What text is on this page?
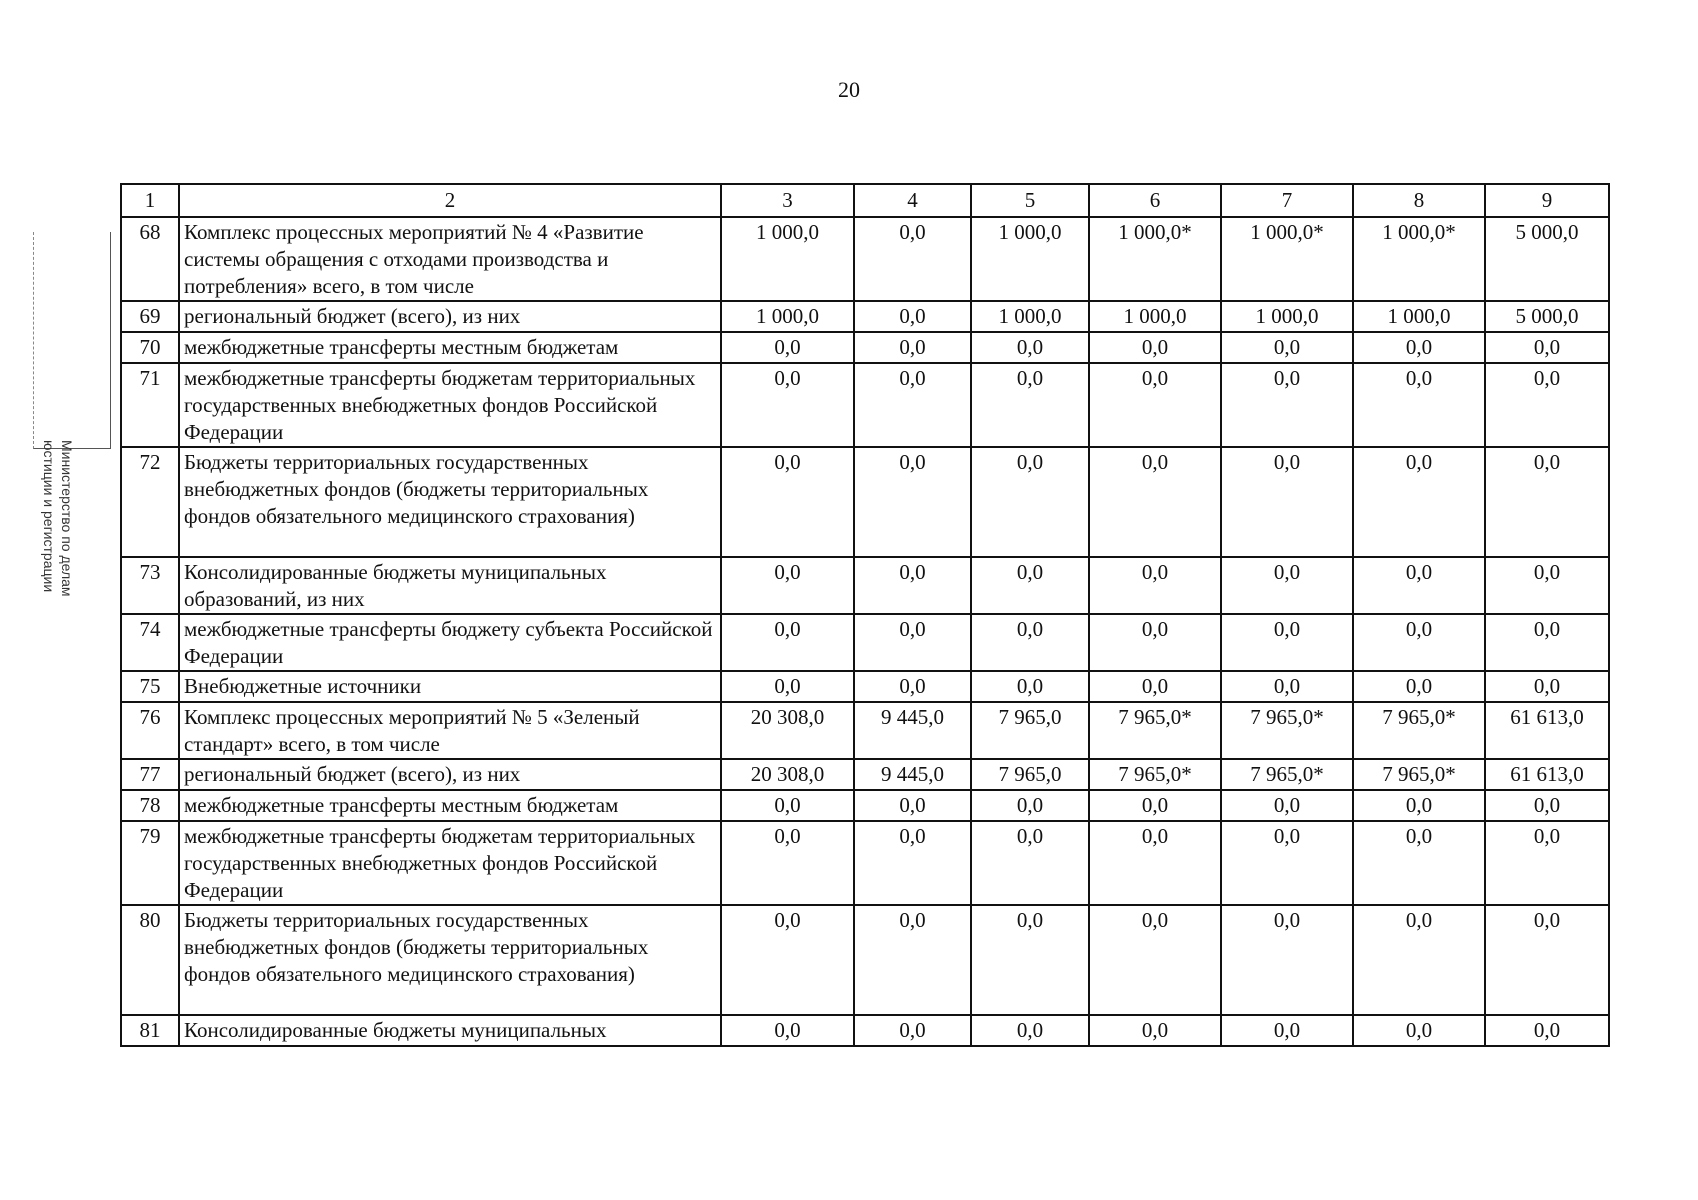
20
Министерство по делам
юстиции и регистрации
1	2	3	4	5	6	7	8	9
68	Комплекс процессных мероприятий № 4 «Развитие системы обращения с отходами производства и потребления» всего, в том числе	1 000,0	0,0	1 000,0	1 000,0*	1 000,0*	1 000,0*	5 000,0
69	региональный бюджет (всего), из них	1 000,0	0,0	1 000,0	1 000,0	1 000,0	1 000,0	5 000,0
70	межбюджетные трансферты местным бюджетам	0,0	0,0	0,0	0,0	0,0	0,0	0,0
71	межбюджетные трансферты бюджетам территориальных государственных внебюджетных фондов Российской Федерации	0,0	0,0	0,0	0,0	0,0	0,0	0,0
72	Бюджеты территориальных государственных внебюджетных фондов (бюджеты территориальных фондов обязательного медицинского страхования)	0,0	0,0	0,0	0,0	0,0	0,0	0,0
73	Консолидированные бюджеты муниципальных образований, из них	0,0	0,0	0,0	0,0	0,0	0,0	0,0
74	межбюджетные трансферты бюджету субъекта Российской Федерации	0,0	0,0	0,0	0,0	0,0	0,0	0,0
75	Внебюджетные источники	0,0	0,0	0,0	0,0	0,0	0,0	0,0
76	Комплекс процессных мероприятий № 5 «Зеленый стандарт» всего, в том числе	20 308,0	9 445,0	7 965,0	7 965,0*	7 965,0*	7 965,0*	61 613,0
77	региональный бюджет (всего), из них	20 308,0	9 445,0	7 965,0	7 965,0*	7 965,0*	7 965,0*	61 613,0
78	межбюджетные трансферты местным бюджетам	0,0	0,0	0,0	0,0	0,0	0,0	0,0
79	межбюджетные трансферты бюджетам территориальных государственных внебюджетных фондов Российской Федерации	0,0	0,0	0,0	0,0	0,0	0,0	0,0
80	Бюджеты территориальных государственных внебюджетных фондов (бюджеты территориальных фондов обязательного медицинского страхования)	0,0	0,0	0,0	0,0	0,0	0,0	0,0
81	Консолидированные бюджеты муниципальных	0,0	0,0	0,0	0,0	0,0	0,0	0,0
